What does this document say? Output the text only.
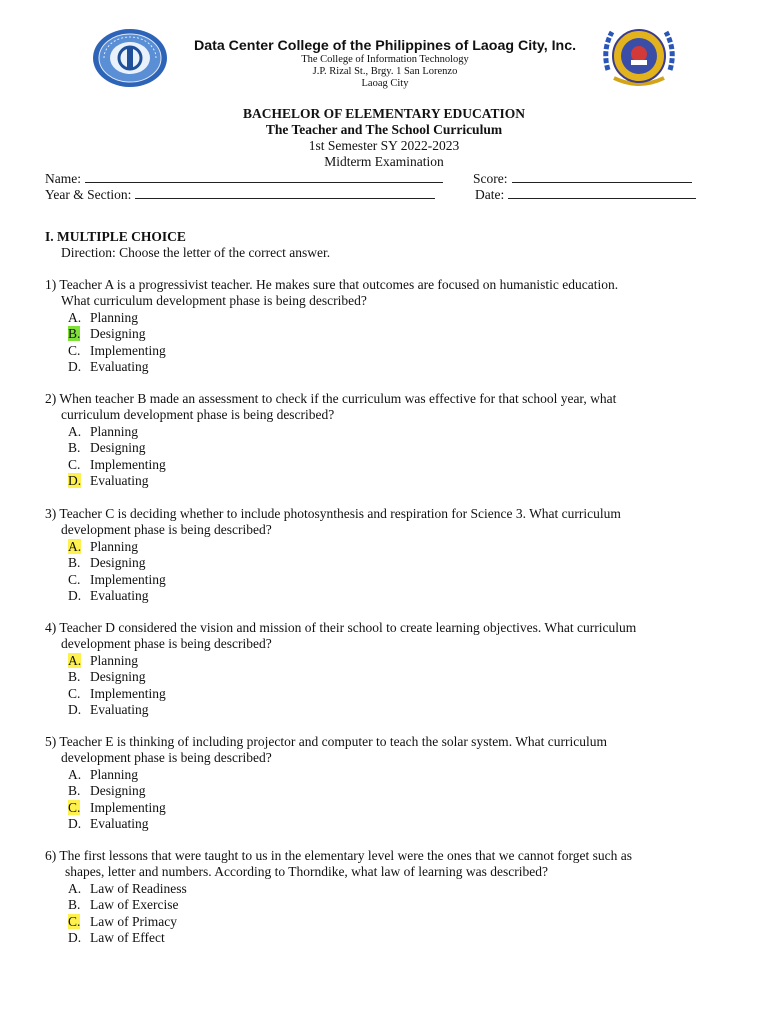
Data Center College of the Philippines of Laoag City, Inc.
The College of Information Technology
J.P. Rizal St., Brgy. 1 San Lorenzo
Laoag City
BACHELOR OF ELEMENTARY EDUCATION
The Teacher and The School Curriculum
1st Semester SY 2022-2023
Midterm Examination
Name:
Year & Section:
Score:
Date:
I. MULTIPLE CHOICE
Direction: Choose the letter of the correct answer.

1) Teacher A is a progressivist teacher. He makes sure that outcomes are focused on humanistic education.
What curriculum development phase is being described?

A. Planning
B. Designing
C. Implementing
D. Evaluating

2) When teacher B made an assessment to check if the curriculum was effective for that school year, what
curriculum development phase is being described?

A. Planning
B. Designing
C. Implementing
D. Evaluating

3) Teacher C is deciding whether to include photosynthesis and respiration for Science 3. What curriculum
development phase is being described?

A. Planning
B. Designing
C. Implementing
D. Evaluating

4) Teacher D considered the vision and mission of their school to create learning objectives. What curriculum
development phase is being described?

A. Planning
B. Designing
C. Implementing
D. Evaluating

5) Teacher E is thinking of including projector and computer to teach the solar system. What curriculum
development phase is being described?

A. Planning
B. Designing
C. Implementing
D. Evaluating

6) The first lessons that were taught to us in the elementary level were the ones that we cannot forget such as
shapes, letter and numbers. According to Thorndike, what law of learning was described?

A. Law of Readiness
B. Law of Exercise
C. Law of Primacy
D. Law of Effect
